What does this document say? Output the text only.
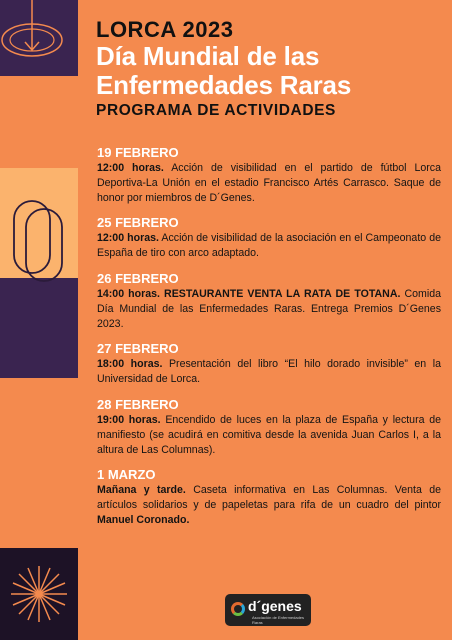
LORCA 2023
Día Mundial de las
Enfermedades Raras
PROGRAMA DE ACTIVIDADES
19 FEBRERO
12:00 horas. Acción de visibilidad en el partido de fútbol Lorca Deportiva-La Unión en el estadio Francisco Artés Carrasco. Saque de honor por miembros de D´Genes.
25 FEBRERO
12:00 horas. Acción de visibilidad de la asociación en el Campeonato de España de tiro con arco adaptado.
26 FEBRERO
14:00 horas. RESTAURANTE VENTA LA RATA DE TOTANA. Comida Día Mundial de las Enfermedades Raras. Entrega Premios D´Genes 2023.
27 FEBRERO
18:00 horas. Presentación del libro “El hilo dorado invisible” en la Universidad de Lorca.
28 FEBRERO
19:00 horas. Encendido de luces en la plaza de España y lectura de manifiesto (se acudirá en comitiva desde la avenida Juan Carlos I, a la altura de Las Columnas).
1 MARZO
Mañana y tarde. Caseta informativa en Las Columnas. Venta de artículos solidarios y de papeletas para rifa de un cuadro del pintor Manuel Coronado.
d´genes
Asociación de Enfermedades Raras
